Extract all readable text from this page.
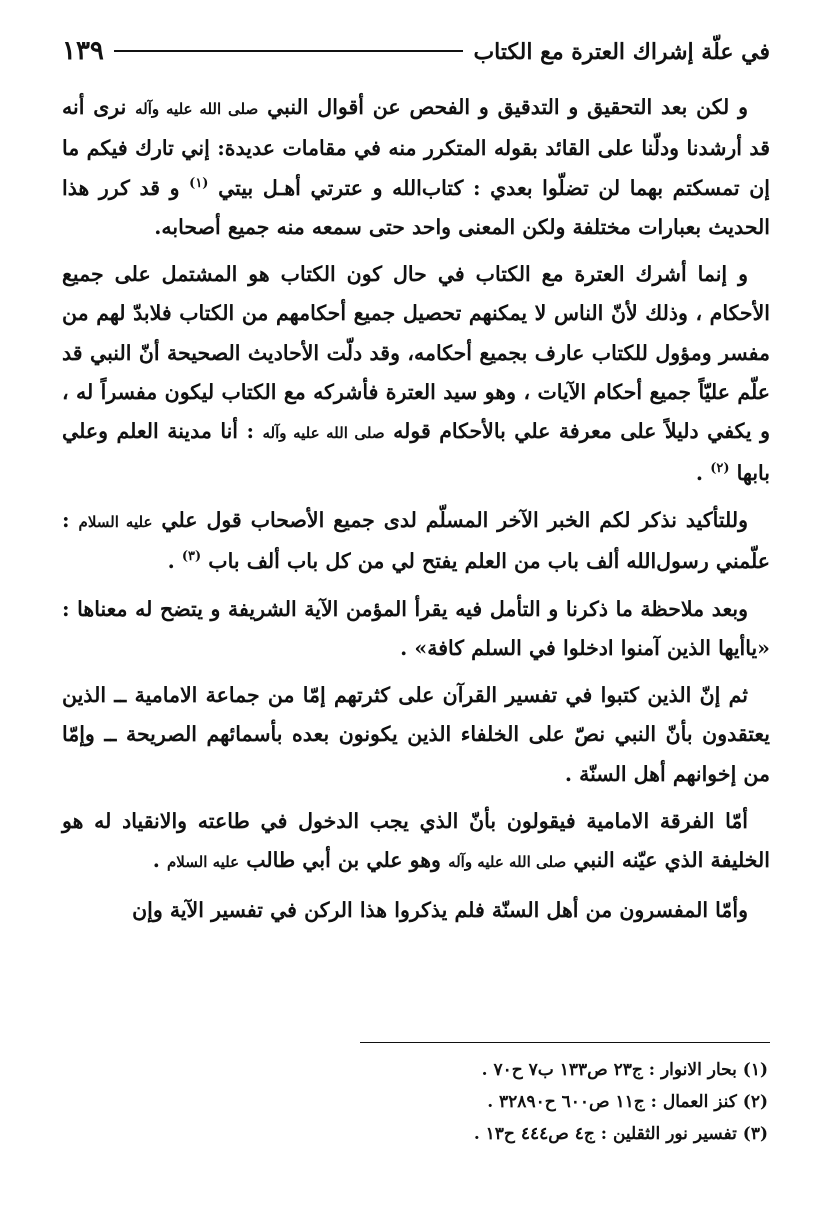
في علّة إشراك العترة مع الكتاب
١٣٩

و لكن بعد التحقيق و التدقيق و الفحص عن أقوال النبي صلى الله عليه وآله نرى أنه قد أرشدنا ودلّنا على القائد بقوله المتكرر منه في مقامات عديدة: إني تارك فيكم ما إن تمسكتم بهما لن تضلّوا بعدي : كتاب‌الله و عترتي أهـل بيتي $^{(١)}$ و قد كرر هذا الحديث بعبارات مختلفة ولكن المعنى واحد حتى سمعه منه جميع أصحابه.

و إنما أشرك العترة مع الكتاب في حال كون الكتاب هو المشتمل على جميع الأحكام ، وذلك لأنّ الناس لا يمكنهم تحصيل جميع أحكامهم من الكتاب فلابدّ لهم من مفسر ومؤول للكتاب عارف بجميع أحكامه، وقد دلّت الأحاديث الصحيحة أنّ النبي قد علّم عليّاً جميع أحكام الآيات ، وهو سيد العترة فأشركه مع الكتاب ليكون مفسراً له ، و يكفي دليلاً على معرفة علي بالأحكام قوله صلى الله عليه وآله : أنا مدينة العلم وعلي بابها $^{(٢)}$ .

وللتأكيد نذكر لكم الخبر الآخر المسلّم لدى جميع الأصحاب قول علي عليه السلام : علّمني رسول‌الله ألف باب من العلم يفتح لي من كل باب ألف باب $^{(٣)}$ .

وبعد ملاحظة ما ذكرنا و التأمل فيه يقرأ المؤمن الآية الشريفة و يتضح له معناها : «ياأيها الذين آمنوا ادخلوا في السلم كافة» .

ثم إنّ الذين كتبوا في تفسير القرآن على كثرتهم إمّا من جماعة الامامية ــ الذين يعتقدون بأنّ النبي نصّ على الخلفاء الذين يكونون بعده بأسمائهم الصريحة ــ وإمّا من إخوانهم أهل السنّة .

أمّا الفرقة الامامية فيقولون بأنّ الذي يجب الدخول في طاعته والانقياد له هو الخليفة الذي عيّنه النبي صلى الله عليه وآله وهو علي بن أبي طالب عليه السلام .

وأمّا المفسرون من أهل السنّة فلم يذكروا هذا الركن في تفسير الآية وإن

(١) بحار الانوار : ج٢٣ ص١٣٣ ب٧ ح٧٠ .
(٢) كنز العمال : ج١١ ص٦٠٠ ح٣٢٨٩٠ .
(٣) تفسير نور الثقلين : ج٤ ص٤٤٤ ح١٣ .
